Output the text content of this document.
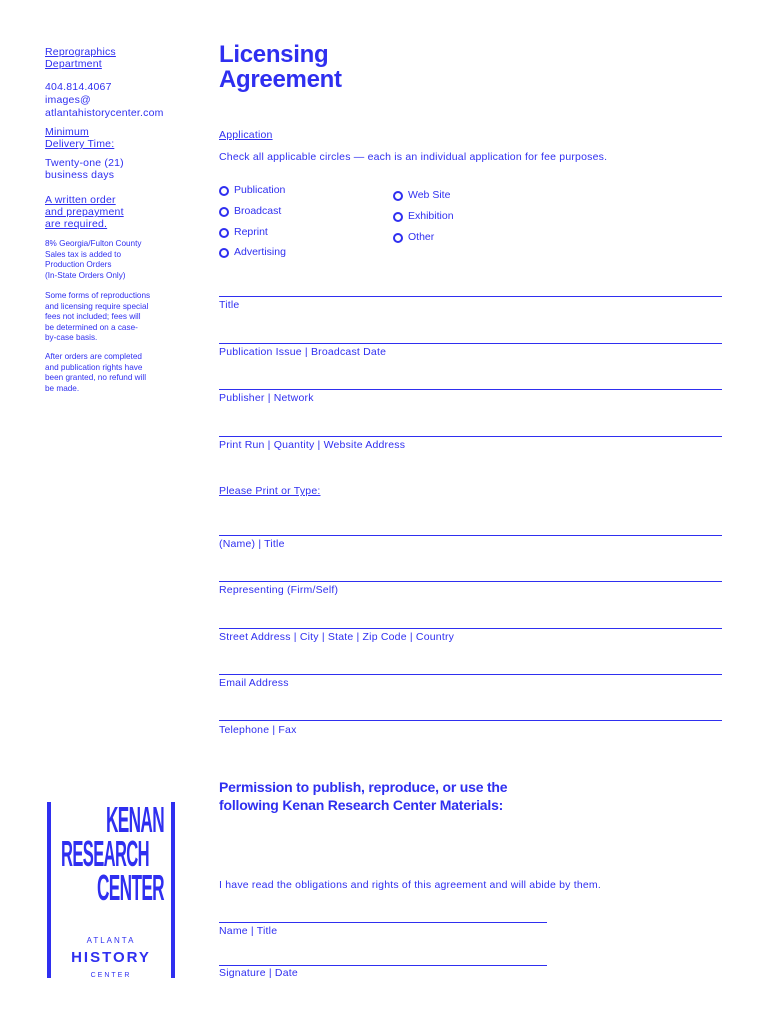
Reprographics
Department
404.814.4067
images@
atlantahistorycenter.com
Minimum
Delivery Time:
Twenty-one (21)
business days
A written order
and prepayment
are required.
8% Georgia/Fulton County
Sales tax is added to
Production Orders
(In-State Orders Only)
Some forms of reproductions
and licensing require special
fees not included; fees will
be determined on a case-
by-case basis.
After orders are completed
and publication rights have
been granted, no refund will
be made.
Licensing
Agreement
Application
Check all applicable circles — each is an individual application for fee purposes.
Publication
Broadcast
Reprint
Advertising
Web Site
Exhibition
Other
Title
Publication Issue | Broadcast Date
Publisher | Network
Print Run | Quantity | Website Address
Please Print or Type:
(Name) | Title
Representing (Firm/Self)
Street Address | City | State | Zip Code | Country
Email Address
Telephone | Fax
Permission to publish, reproduce, or use the
following Kenan Research Center Materials:
I have read the obligations and rights of this agreement and will abide by them.
Name | Title
Signature | Date
KENAN
RESEARCH
CENTER
ATLANTA
HISTORY
CENTER
